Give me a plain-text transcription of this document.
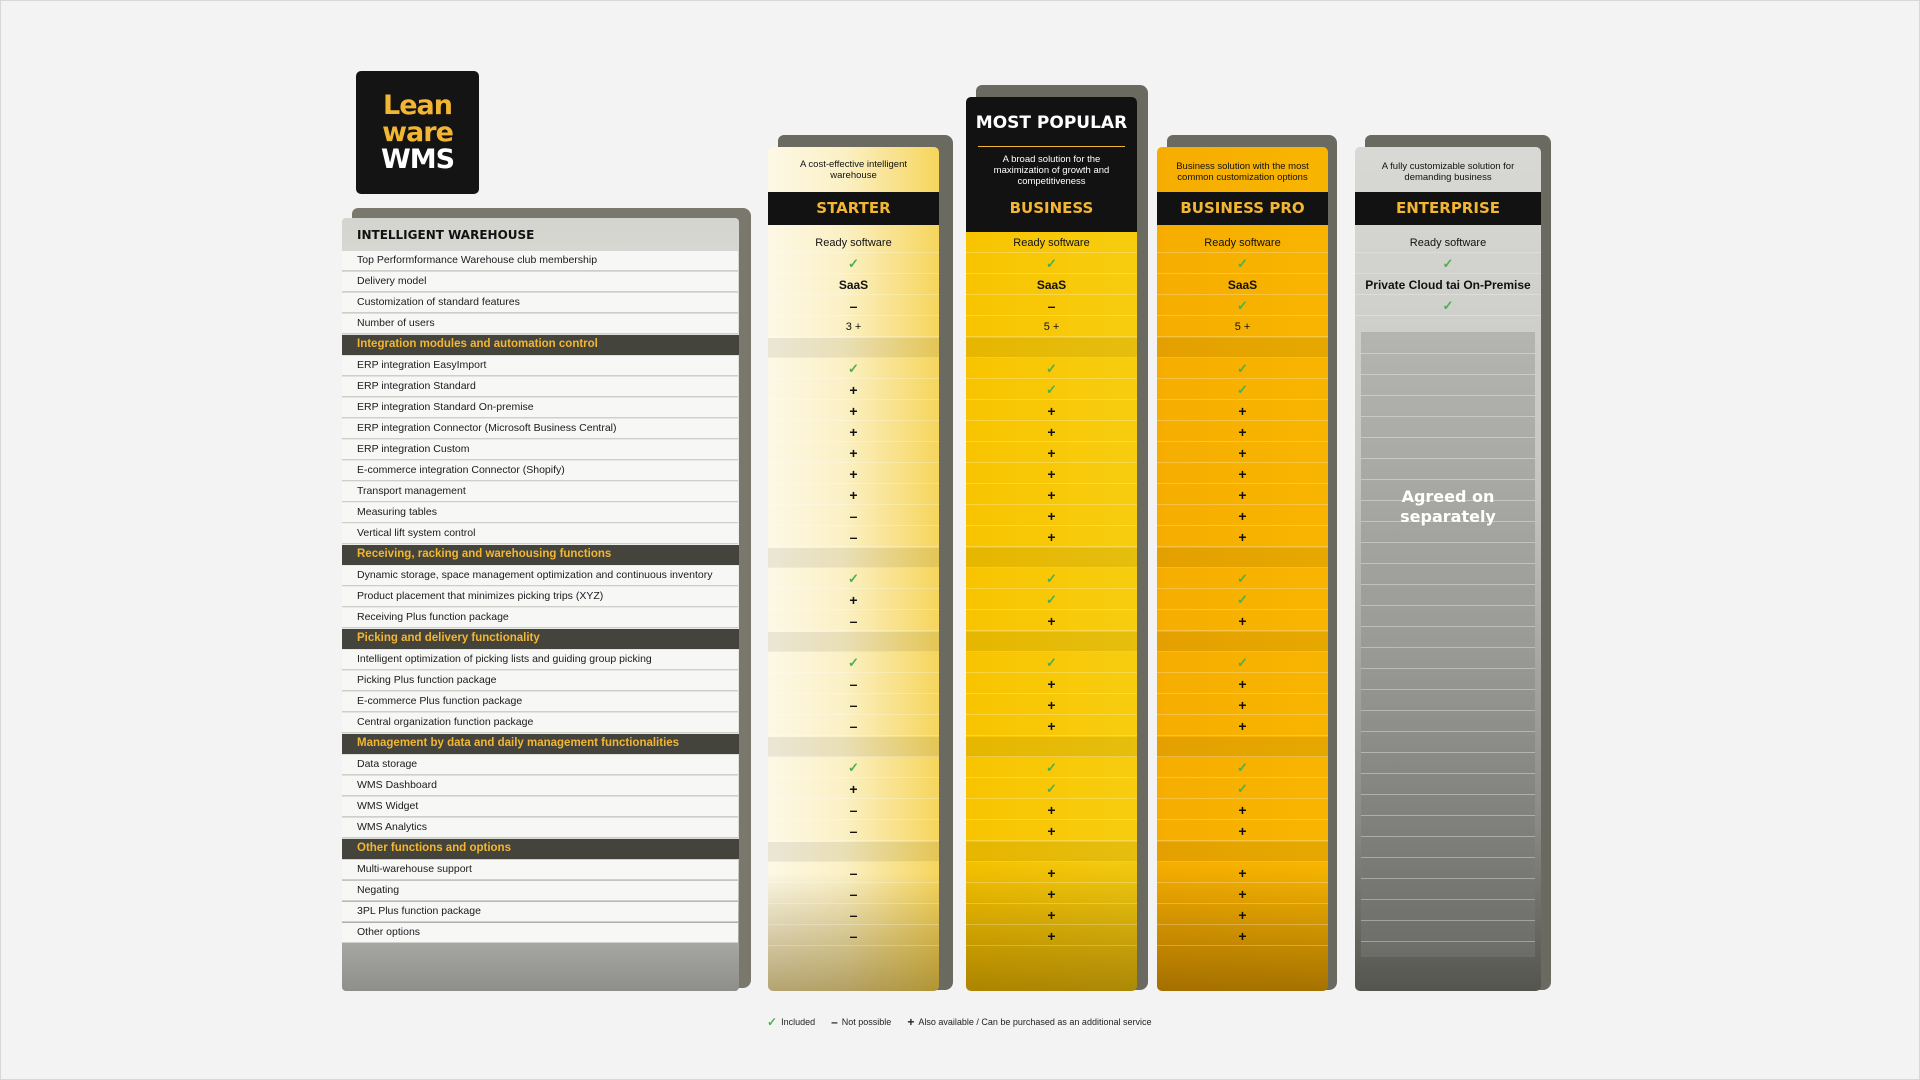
Lean
ware
WMS
INTELLIGENT WAREHOUSE
Top Performformance Warehouse club membership
Delivery model
Customization of standard features
Number of users
Integration modules and automation control
ERP integration EasyImport
ERP integration Standard
ERP integration Standard On-premise
ERP integration Connector (Microsoft Business Central)
ERP integration Custom
E-commerce integration Connector (Shopify)
Transport management
Measuring tables
Vertical lift system control
Receiving, racking and warehousing functions
Dynamic storage, space management optimization and continuous inventory
Product placement that minimizes picking trips (XYZ)
Receiving Plus function package
Picking and delivery functionality
Intelligent optimization of picking lists and guiding group picking
Picking Plus function package
E-commerce Plus function package
Central organization function package
Management by data and daily management functionalities
Data storage
WMS Dashboard
WMS Widget
WMS Analytics
Other functions and options
Multi-warehouse support
Negating
3PL Plus function package
Other options
A cost-effective intelligent warehouse
STARTER
Ready software
✓
SaaS
–
3 +
✓
+
+
+
+
+
+
–
–
✓
+
–
✓
–
–
–
✓
+
–
–
–
–
–
–
MOST POPULAR
A broad solution for the maximization of growth and competitiveness
BUSINESS
Ready software
✓
SaaS
–
5 +
✓
✓
+
+
+
+
+
+
+
✓
✓
+
✓
+
+
+
✓
✓
+
+
+
+
+
+
Business solution with the most common customization options
BUSINESS PRO
Ready software
✓
SaaS
✓
5 +
✓
✓
+
+
+
+
+
+
+
✓
✓
+
✓
+
+
+
✓
✓
+
+
+
+
+
+
A fully customizable solution for demanding business
ENTERPRISE
Agreed on separately
Ready software
✓
Private Cloud tai On-Premise
✓
✓ Included – Not possible + Also available / Can be purchased as an additional service
